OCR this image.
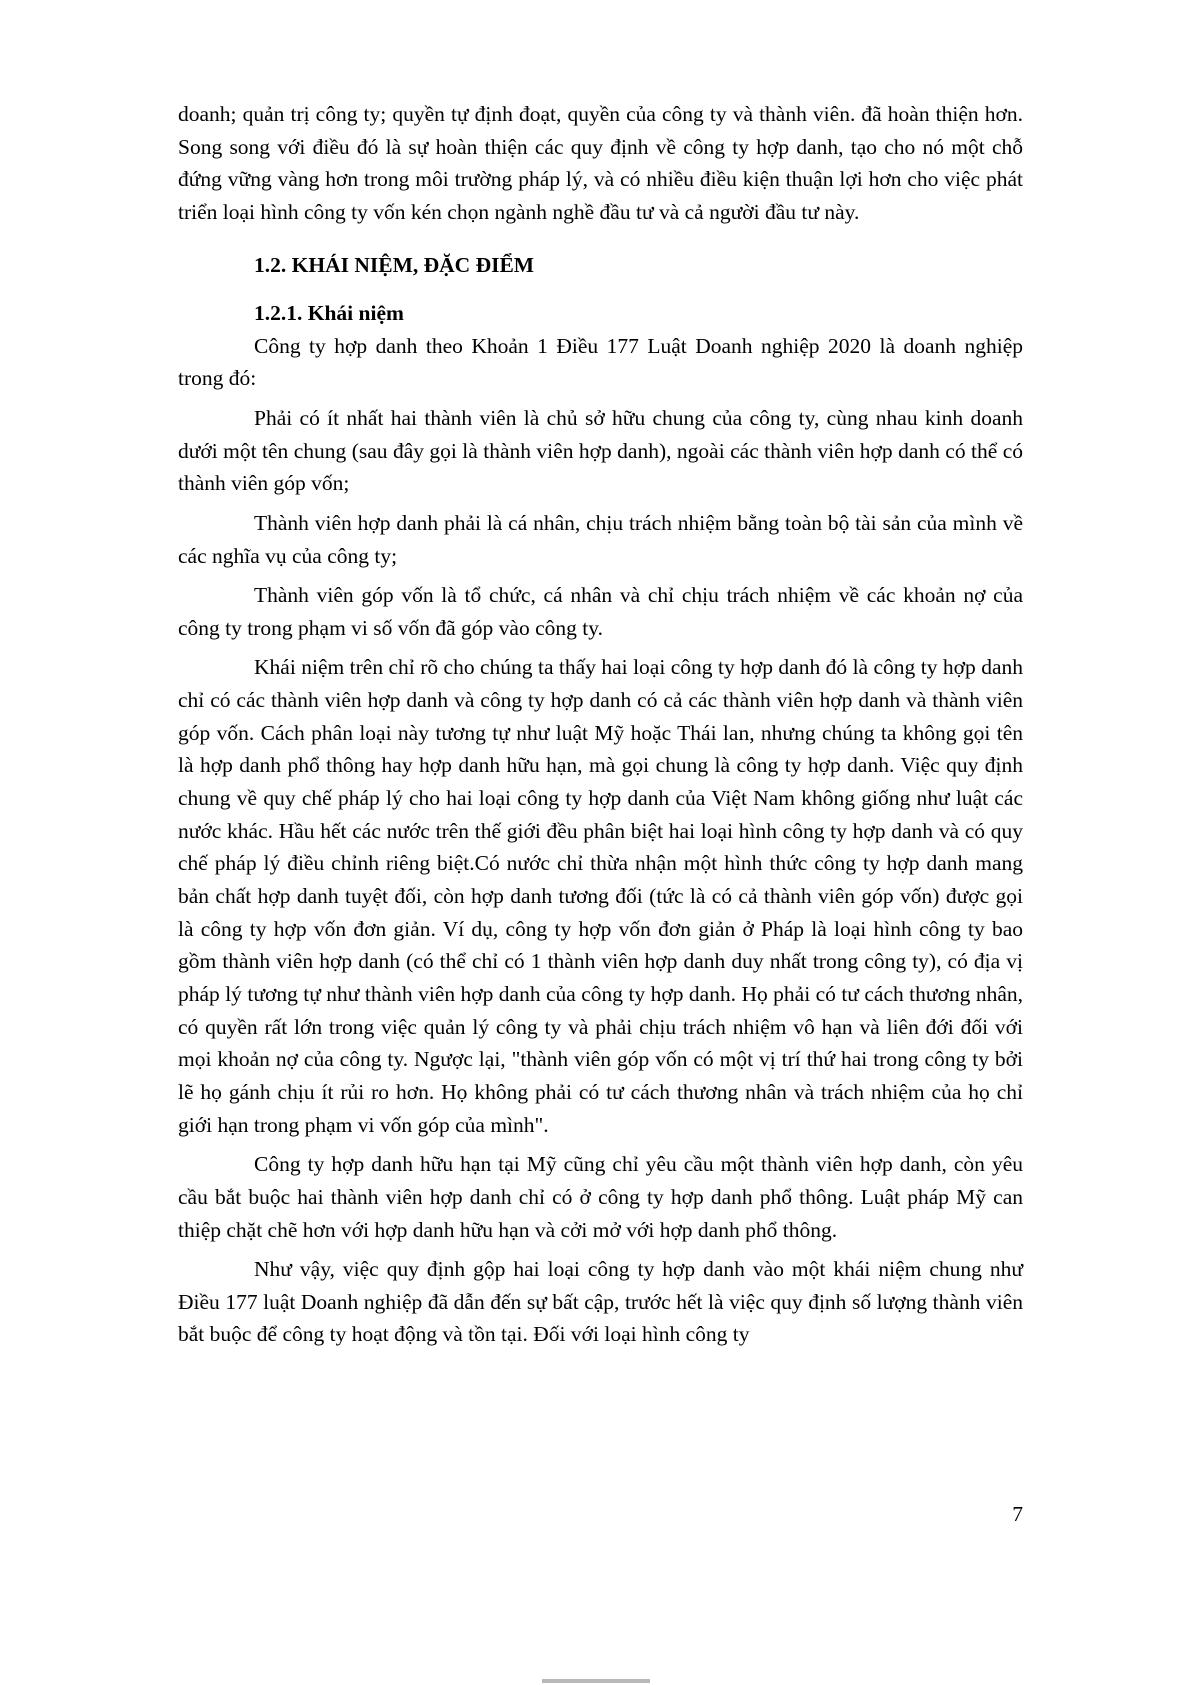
doanh; quản trị công ty; quyền tự định đoạt, quyền của công ty và thành viên. đã hoàn thiện hơn. Song song với điều đó là sự hoàn thiện các quy định về công ty hợp danh, tạo cho nó một chỗ đứng vững vàng hơn trong môi trường pháp lý, và có nhiều điều kiện thuận lợi hơn cho việc phát triển loại hình công ty vốn kén chọn ngành nghề đầu tư và cả người đầu tư này.

1.2. KHÁI NIỆM, ĐẶC ĐIỂM
1.2.1. Khái niệm

Công ty hợp danh theo Khoản 1 Điều 177 Luật Doanh nghiệp 2020 là doanh nghiệp trong đó:

Phải có ít nhất hai thành viên là chủ sở hữu chung của công ty, cùng nhau kinh doanh dưới một tên chung (sau đây gọi là thành viên hợp danh), ngoài các thành viên hợp danh có thể có thành viên góp vốn;

Thành viên hợp danh phải là cá nhân, chịu trách nhiệm bằng toàn bộ tài sản của mình về các nghĩa vụ của công ty;

Thành viên góp vốn là tổ chức, cá nhân và chỉ chịu trách nhiệm về các khoản nợ của công ty trong phạm vi số vốn đã góp vào công ty.

Khái niệm trên chỉ rõ cho chúng ta thấy hai loại công ty hợp danh đó là công ty hợp danh chỉ có các thành viên hợp danh và công ty hợp danh có cả các thành viên hợp danh và thành viên góp vốn. Cách phân loại này tương tự như luật Mỹ hoặc Thái lan, nhưng chúng ta không gọi tên là hợp danh phổ thông hay hợp danh hữu hạn, mà gọi chung là công ty hợp danh. Việc quy định chung về quy chế pháp lý cho hai loại công ty hợp danh của Việt Nam không giống như luật các nước khác. Hầu hết các nước trên thế giới đều phân biệt hai loại hình công ty hợp danh và có quy chế pháp lý điều chỉnh riêng biệt.Có nước chỉ thừa nhận một hình thức công ty hợp danh mang bản chất hợp danh tuyệt đối, còn hợp danh tương đối (tức là có cả thành viên góp vốn) được gọi là công ty hợp vốn đơn giản. Ví dụ, công ty hợp vốn đơn giản ở Pháp là loại hình công ty bao gồm thành viên hợp danh (có thể chỉ có 1 thành viên hợp danh duy nhất trong công ty), có địa vị pháp lý tương tự như thành viên hợp danh của công ty hợp danh. Họ phải có tư cách thương nhân, có quyền rất lớn trong việc quản lý công ty và phải chịu trách nhiệm vô hạn và liên đới đối với mọi khoản nợ của công ty. Ngược lại, "thành viên góp vốn có một vị trí thứ hai trong công ty bởi lẽ họ gánh chịu ít rủi ro hơn. Họ không phải có tư cách thương nhân và trách nhiệm của họ chỉ giới hạn trong phạm vi vốn góp của mình".

Công ty hợp danh hữu hạn tại Mỹ cũng chỉ yêu cầu một thành viên hợp danh, còn yêu cầu bắt buộc hai thành viên hợp danh chỉ có ở công ty hợp danh phổ thông. Luật pháp Mỹ can thiệp chặt chẽ hơn với hợp danh hữu hạn và cởi mở với hợp danh phổ thông.

Như vậy, việc quy định gộp hai loại công ty hợp danh vào một khái niệm chung như Điều 177 luật Doanh nghiệp đã dẫn đến sự bất cập, trước hết là việc quy định số lượng thành viên bắt buộc để công ty hoạt động và tồn tại. Đối với loại hình công ty

7
